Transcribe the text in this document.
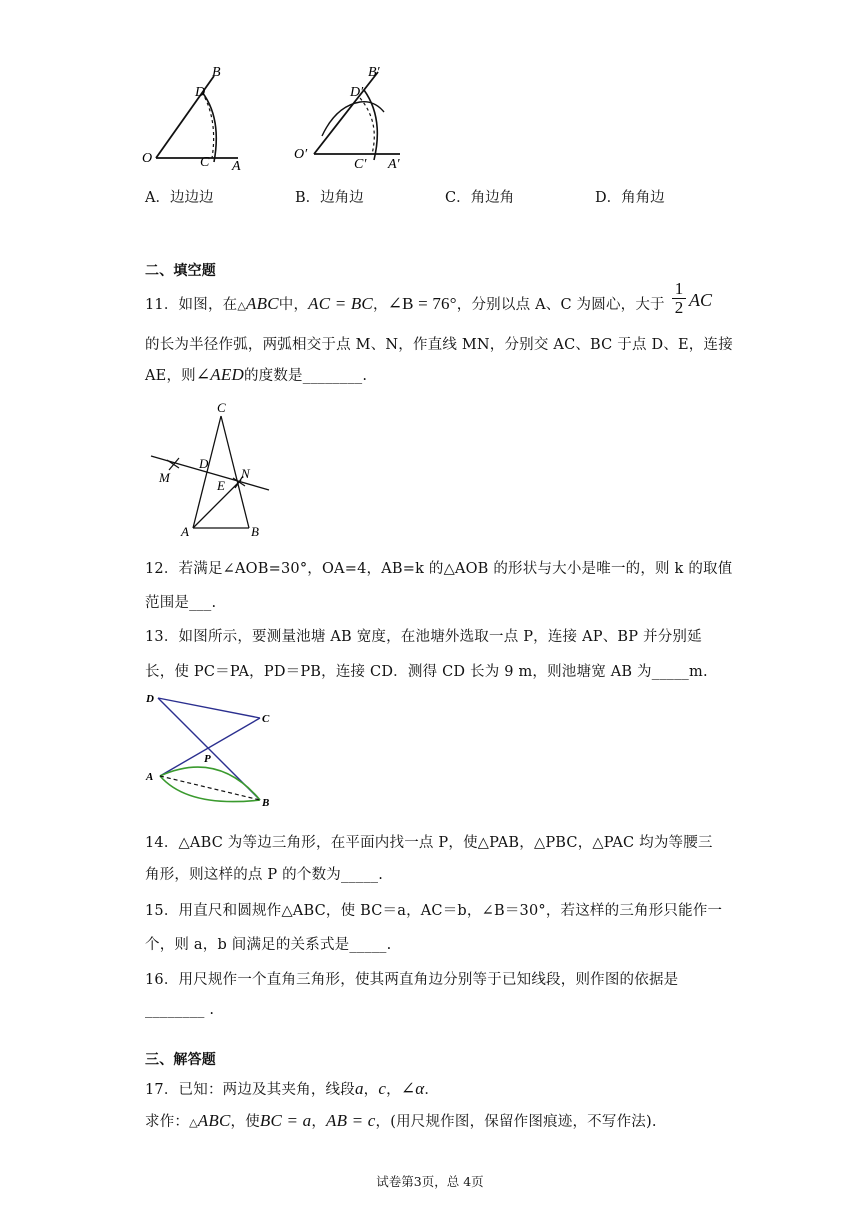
O
B
D
C A
O′
B′
D′
C′ A′
A．边边边	B．边角边	C．角边角	D．角角边
二、填空题
11．如图，在△ABC中，AC = BC，∠B = 76°，分别以点 A、C 为圆心，大于 $\frac{1}{2}$ AC
的长为半径作弧，两弧相交于点 M、N，作直线 MN，分别交 AC、BC 于点 D、E，连接
AE，则∠AED的度数是________.
C
D
N
M
E
A	B
12．若满足∠AOB=30°，OA=4，AB=k 的△AOB 的形状与大小是唯一的，则 k 的取值
范围是___.
13．如图所示，要测量池塘 AB 宽度，在池塘外选取一点 P，连接 AP、BP 并分别延
长，使 PC＝PA，PD＝PB，连接 CD．测得 CD 长为 9 m，则池塘宽 AB 为_____m.
D
C
P
A
B
14．△ABC 为等边三角形，在平面内找一点 P，使△PAB，△PBC，△PAC 均为等腰三
角形，则这样的点 P 的个数为_____.
15．用直尺和圆规作△ABC，使 BC＝a，AC＝b，∠B＝30°，若这样的三角形只能作一
个，则 a，b 间满足的关系式是_____.
16．用尺规作一个直角三角形，使其两直角边分别等于已知线段，则作图的依据是
________ .
三、解答题
17．已知：两边及其夹角，线段a，c，∠α．
求作：△ABC，使BC = a，AB = c，(用尺规作图，保留作图痕迹，不写作法).
试卷第3页，总 4页
